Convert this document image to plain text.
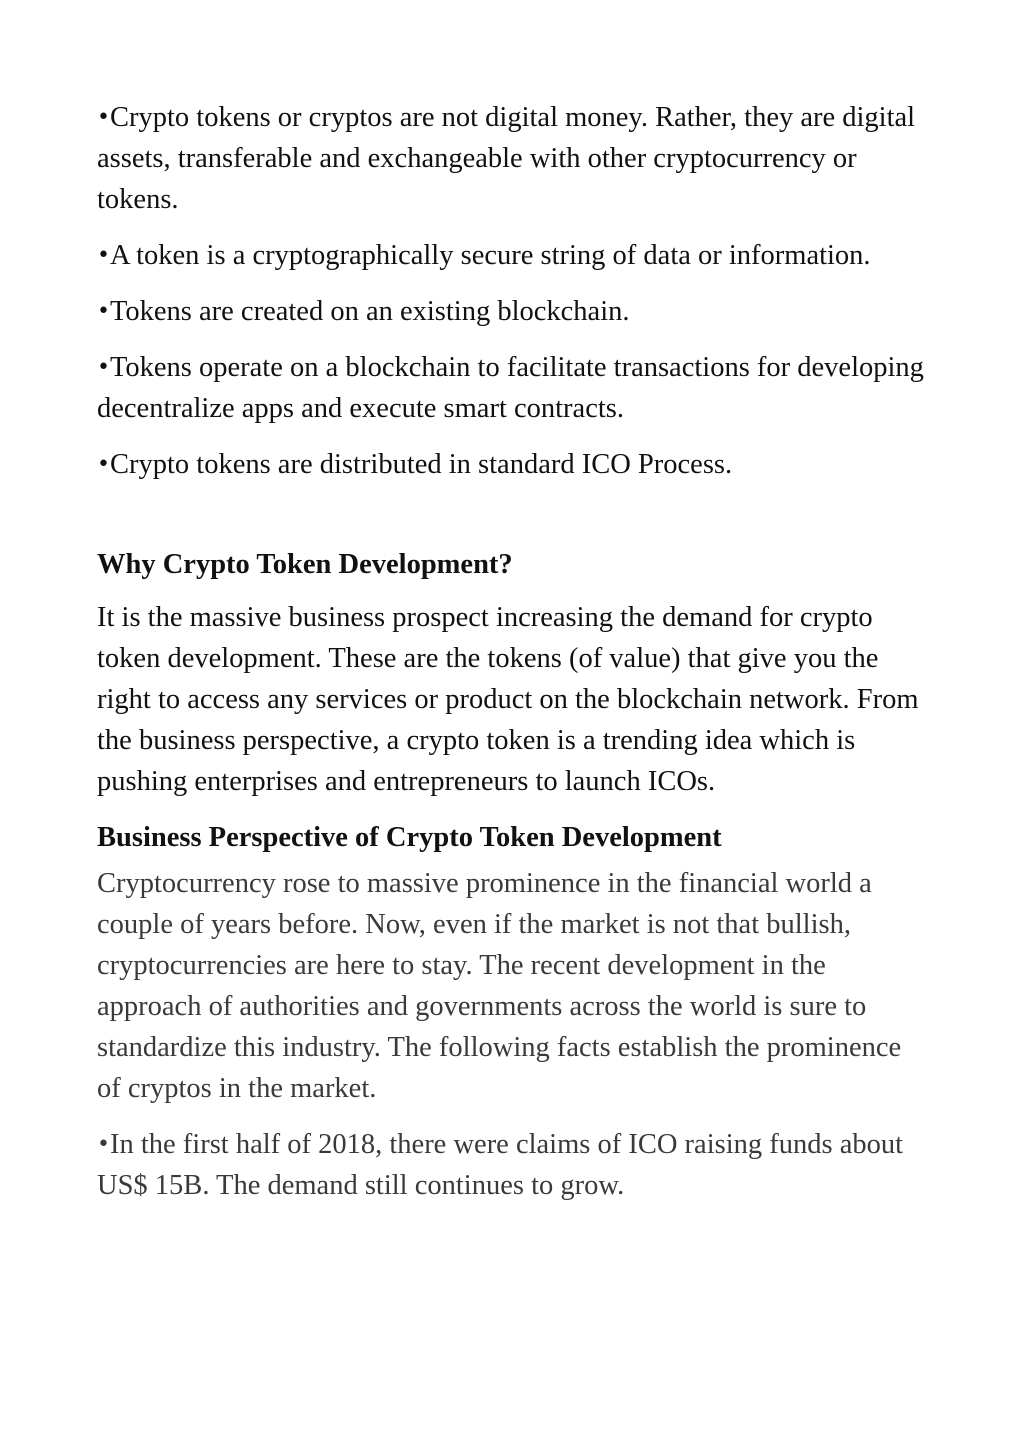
•Crypto tokens or cryptos are not digital money. Rather, they are digital assets, transferable and exchangeable with other cryptocurrency or tokens.

•A token is a cryptographically secure string of data or information.

•Tokens are created on an existing blockchain.

•Tokens operate on a blockchain to facilitate transactions for developing decentralize apps and execute smart contracts.

•Crypto tokens are distributed in standard ICO Process.

Why Crypto Token Development?

It is the massive business prospect increasing the demand for crypto token development. These are the tokens (of value) that give you the right to access any services or product on the blockchain network. From the business perspective, a crypto token is a trending idea which is pushing enterprises and entrepreneurs to launch ICOs.

Business Perspective of Crypto Token Development

Cryptocurrency rose to massive prominence in the financial world a couple of years before. Now, even if the market is not that bullish, cryptocurrencies are here to stay. The recent development in the approach of authorities and governments across the world is sure to standardize this industry. The following facts establish the prominence of cryptos in the market.

•In the first half of 2018, there were claims of ICO raising funds about US$ 15B. The demand still continues to grow.
